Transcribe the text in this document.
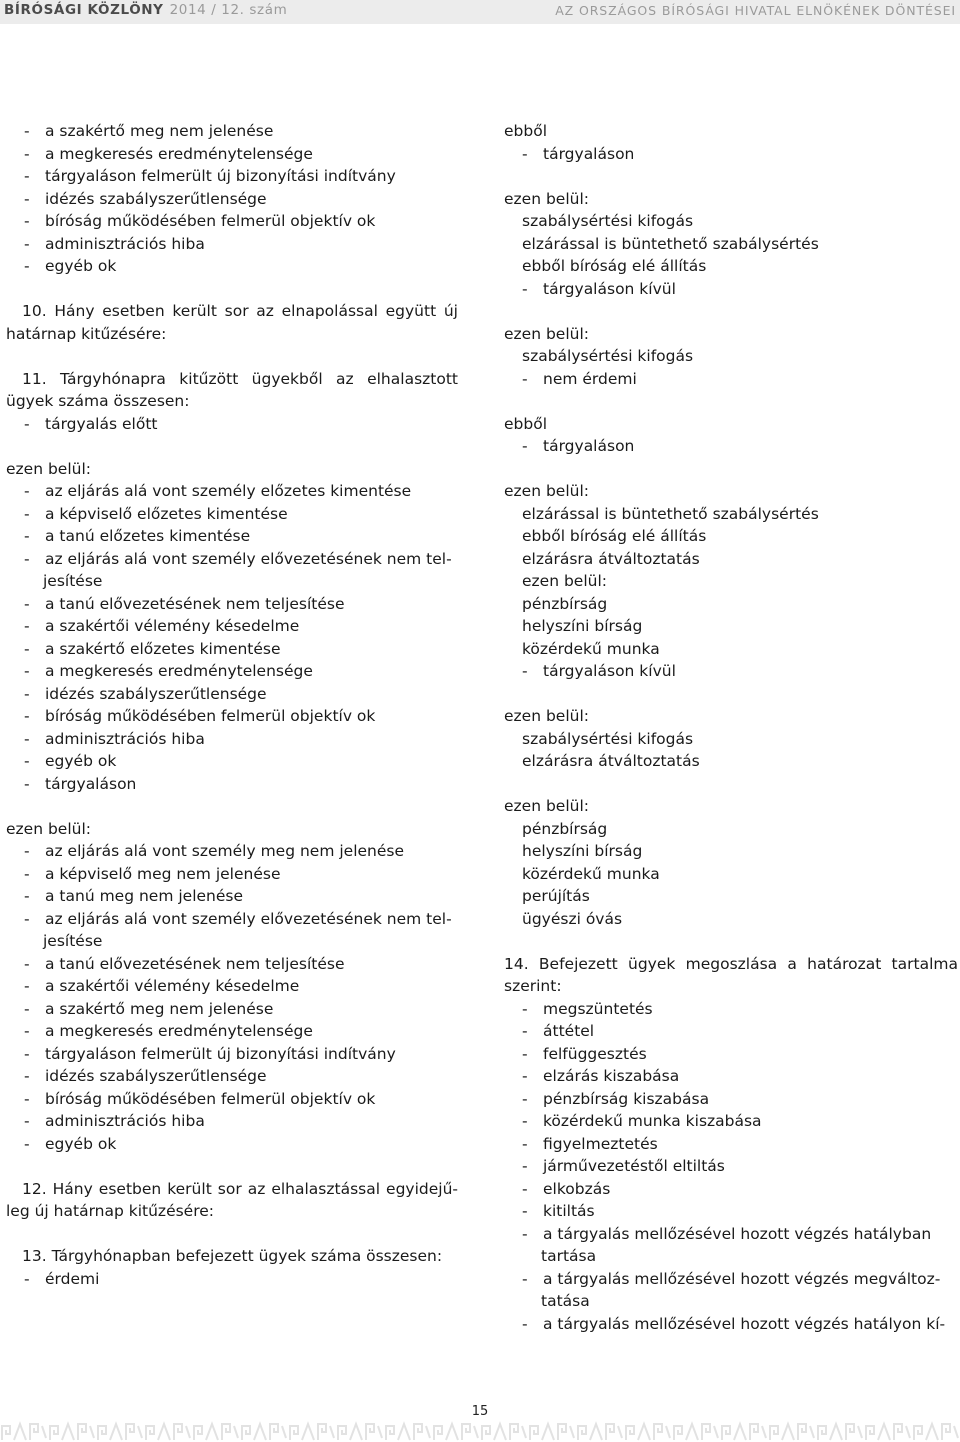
BÍRÓSÁGI KÖZLÖNY 2014 / 12. szám	AZ ORSZÁGOS BÍRÓSÁGI HIVATAL ELNÖKÉNEK DÖNTÉSEI
- a szakértő meg nem jelenése
- a megkeresés eredménytelensége
- tárgyaláson felmerült új bizonyítási indítvány
- idézés szabályszerűtlensége
- bíróság működésében felmerül objektív ok
- adminisztrációs hiba
- egyéb ok
10. Hány esetben került sor az elnapolással együtt új
határnap kitűzésére:
11. Tárgyhónapra kitűzött ügyekből az elhalasztott
ügyek száma összesen:
- tárgyalás előtt
ezen belül:
- az eljárás alá vont személy előzetes kimentése
- a képviselő előzetes kimentése
- a tanú előzetes kimentése
- az eljárás alá vont személy elővezetésének nem tel-
jesítése
- a tanú elővezetésének nem teljesítése
- a szakértői vélemény késedelme
- a szakértő előzetes kimentése
- a megkeresés eredménytelensége
- idézés szabályszerűtlensége
- bíróság működésében felmerül objektív ok
- adminisztrációs hiba
- egyéb ok
- tárgyaláson
ezen belül:
- az eljárás alá vont személy meg nem jelenése
- a képviselő meg nem jelenése
- a tanú meg nem jelenése
- az eljárás alá vont személy elővezetésének nem tel-
jesítése
- a tanú elővezetésének nem teljesítése
- a szakértői vélemény késedelme
- a szakértő meg nem jelenése
- a megkeresés eredménytelensége
- tárgyaláson felmerült új bizonyítási indítvány
- idézés szabályszerűtlensége
- bíróság működésében felmerül objektív ok
- adminisztrációs hiba
- egyéb ok
12. Hány esetben került sor az elhalasztással egyidejű-
leg új határnap kitűzésére:
13. Tárgyhónapban befejezett ügyek száma összesen:
- érdemi
ebből
- tárgyaláson
ezen belül:
szabálysértési kifogás
elzárással is büntethető szabálysértés
ebből bíróság elé állítás
- tárgyaláson kívül
ezen belül:
szabálysértési kifogás
- nem érdemi
ebből
- tárgyaláson
ezen belül:
elzárással is büntethető szabálysértés
ebből bíróság elé állítás
elzárásra átváltoztatás
ezen belül:
pénzbírság
helyszíni bírság
közérdekű munka
- tárgyaláson kívül
ezen belül:
szabálysértési kifogás
elzárásra átváltoztatás
ezen belül:
pénzbírság
helyszíni bírság
közérdekű munka
perújítás
ügyészi óvás
14. Befejezett ügyek megoszlása a határozat tartalma
szerint:
- megszüntetés
- áttétel
- felfüggesztés
- elzárás kiszabása
- pénzbírság kiszabása
- közérdekű munka kiszabása
- figyelmeztetés
- járművezetéstől eltiltás
- elkobzás
- kitiltás
- a tárgyalás mellőzésével hozott végzés hatályban
tartása
- a tárgyalás mellőzésével hozott végzés megváltoz-
tatása
- a tárgyalás mellőzésével hozott végzés hatályon kí-
15
